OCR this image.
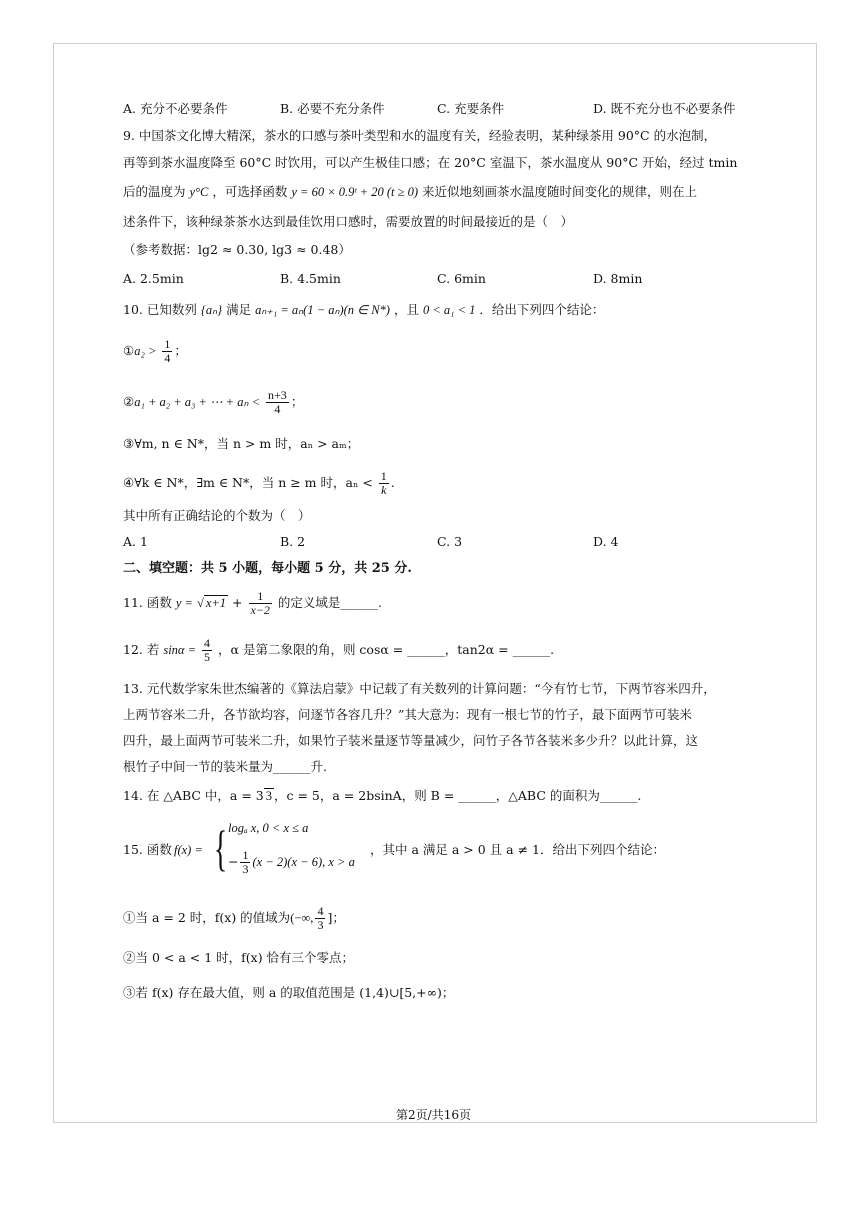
A. 充分不必要条件	B. 必要不充分条件	C. 充要条件	D. 既不充分也不必要条件
9. 中国茶文化博大精深，茶水的口感与茶叶类型和水的温度有关，经验表明，某种绿茶用 90°C 的水泡制，
再等到茶水温度降至 60°C 时饮用，可以产生极佳口感；在 20°C 室温下，茶水温度从 90°C 开始，经过 tmin
后的温度为 y°C ，可选择函数 y = 60 × 0.9ᵗ + 20 (t ≥ 0) 来近似地刻画茶水温度随时间变化的规律，则在上
述条件下，该种绿茶茶水达到最佳饮用口感时，需要放置的时间最接近的是（　）
（参考数据：lg2 ≈ 0.30, lg3 ≈ 0.48）
A. 2.5min	B. 4.5min	C. 6min	D. 8min
10. 已知数列 {aₙ} 满足 aₙ₊₁ = aₙ(1 − aₙ)(n ∈ N*) ，且 0 < a₁ < 1 ．给出下列四个结论：
①a₂ > $\frac{1}{4}$ ；
②a₁ + a₂ + a₃ + ⋯ + $a_n < \frac{n+3}{4}$ ；
③∀m, n ∈ N*，当 n > m 时，aₙ > aₘ；
④∀k ∈ N*，∃m ∈ N*，当 n ≥ m 时，$a_n < \frac{1}{k}$ .
其中所有正确结论的个数为（　）
A. 1	B. 2	C. 3	D. 4
二、填空题：共 5 小题，每小题 5 分，共 25 分.
11. 函数 y = √ $x+1 + \frac{1}{x-2}$ 的定义域是______.
12. 若 $\sin\alpha = \frac{4}{5}$ ，α 是第二象限的角，则 cosα = ______，tan2α = ______.
13. 元代数学家朱世杰编著的《算法启蒙》中记载了有关数列的计算问题：“今有竹七节，下两节容米四升，
上两节容米二升，各节欲均容，问逐节各容几升？”其大意为：现有一根七节的竹子，最下面两节可装米
四升，最上面两节可装米二升，如果竹子装米量逐节等量减少，问竹子各节各装米多少升？以此计算，这
根竹子中间一节的装米量为______升.
14. 在 △ABC 中，a = 3 3 ，c = 5，a = 2bsinA，则 B = ______，△ABC 的面积为______.
15. 函数 f(x) = { logₐ x, 0 < x ≤ a
− $\frac{1}{3} (x - 2)(x - 6)$, x > a
，其中 a 满足 a > 0 且 a ≠ 1．给出下列四个结论：
①当 a = 2 时，f(x) 的值域为(−∞, $\frac{4}{3}$ ]；
②当 0 < a < 1 时，f(x) 恰有三个零点；
③若 f(x) 存在最大值，则 a 的取值范围是 (1,4)∪[5,+∞)；
第2页/共16页
